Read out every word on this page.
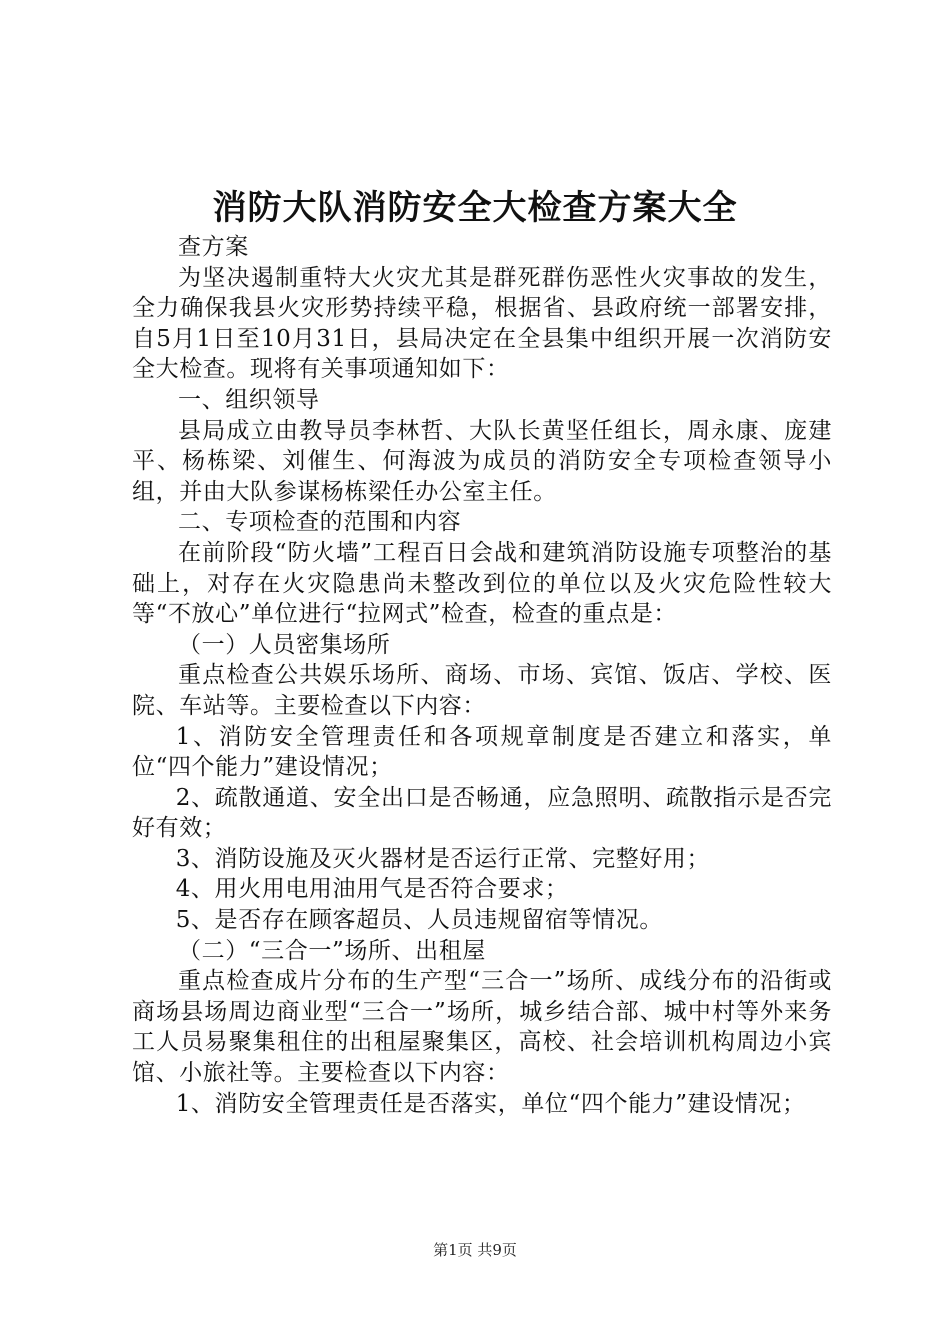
消防大队消防安全大检查方案大全

查方案

为坚决遏制重特大火灾尤其是群死群伤恶性火灾事故的发生，全力确保我县火灾形势持续平稳，根据省、县政府统一部署安排，自5月1日至10月31日，县局决定在全县集中组织开展一次消防安全大检查。现将有关事项通知如下：

一、组织领导

县局成立由教导员李林哲、大队长黄坚任组长，周永康、庞建平、杨栋梁、刘催生、何海波为成员的消防安全专项检查领导小组，并由大队参谋杨栋梁任办公室主任。

二、专项检查的范围和内容

在前阶段“防火墙”工程百日会战和建筑消防设施专项整治的基础上，对存在火灾隐患尚未整改到位的单位以及火灾危险性较大等“不放心”单位进行“拉网式”检查，检查的重点是：

（一）人员密集场所

重点检查公共娱乐场所、商场、市场、宾馆、饭店、学校、医院、车站等。主要检查以下内容：

1、消防安全管理责任和各项规章制度是否建立和落实，单位“四个能力”建设情况；

2、疏散通道、安全出口是否畅通，应急照明、疏散指示是否完好有效；

3、消防设施及灭火器材是否运行正常、完整好用；

4、用火用电用油用气是否符合要求；

5、是否存在顾客超员、人员违规留宿等情况。

（二）“三合一”场所、出租屋

重点检查成片分布的生产型“三合一”场所、成线分布的沿街或商场县场周边商业型“三合一”场所，城乡结合部、城中村等外来务工人员易聚集租住的出租屋聚集区，高校、社会培训机构周边小宾馆、小旅社等。主要检查以下内容：

1、消防安全管理责任是否落实，单位“四个能力”建设情况；

第1页 共9页
